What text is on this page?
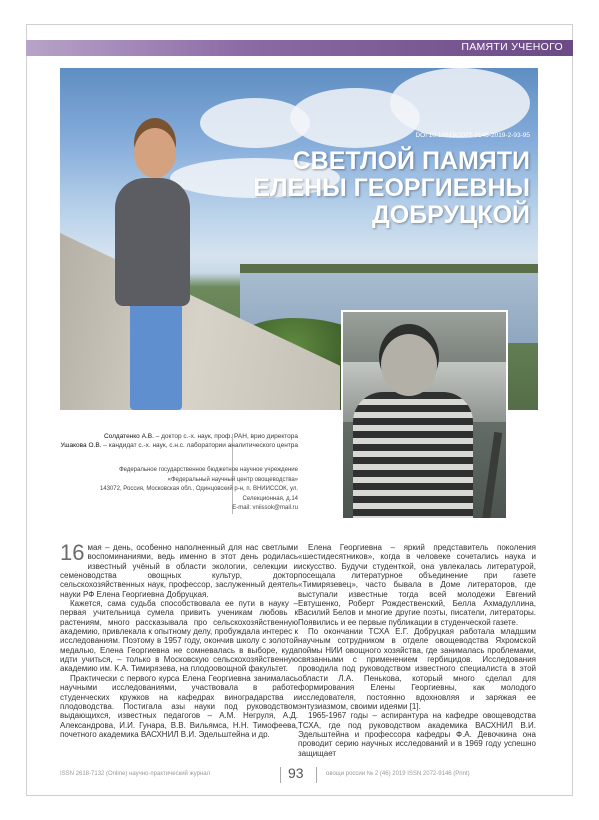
ПАМЯТИ УЧЕНОГО
DOI 10.18619/2072-9146-2019-2-93-95
СВЕТЛОЙ ПАМЯТИ
ЕЛЕНЫ ГЕОРГИЕВНЫ
ДОБРУЦКОЙ
Солдатенко А.В. – доктор с.-х. наук, проф. РАН, врио директора
Ушакова О.В. – кандидат с.-х. наук, с.н.с. лаборатории аналитического центра
Федеральное государственное бюджетное научное учреждение
«Федеральный научный центр овощеводства»
143072, Россия, Московская обл., Одинцовский р-н, п. ВНИИССОК, ул.
Селекционная, д.14
E-mail: vniissok@mail.ru

16 мая – день, особенно наполненный для нас светлыми воспоминаниями, ведь именно в этот день родилась известный учёный в области экологии, селекции и семеноводства овощных культур, доктор сельскохозяйственных наук, профессор, заслуженный деятель науки РФ Елена Георгиевна Добруцкая.

Кажется, сама судьба способствовала ее пути в науку – первая учительница сумела привить ученикам любовь к растениям, много рассказывала про сельскохозяйственную академию, привлекала к опытному делу, пробуждала интерес к исследованиям. Поэтому в 1957 году, окончив школу с золотой медалью, Елена Георгиевна не сомневалась в выборе, куда идти учиться, – только в Московскую сельскохозяйственную академию им. К.А. Тимирязева, на плодоовощной факультет.

Практически с первого курса Елена Георгиевна занималась научными исследованиями, участвовала в работе студенческих кружков на кафедрах виноградарства и плодоводства. Постигала азы науки под руководством выдающихся, известных педагогов – А.М. Негруля, А.Д. Александрова, И.И. Гунара, В.В. Вильямса, Н.Н. Тимофеева, почетного академика ВАСХНИЛ В.И. Эдельштейна и др.

Елена Георгиевна – яркий представитель поколения «шестидесятников», когда в человеке сочетались наука и искусство. Будучи студенткой, она увлекалась литературой, посещала литературное объединение при газете «Тимирязевец», часто бывала в Доме литераторов, где выступали известные тогда всей молодежи Евгений Евтушенко, Роберт Рождественский, Белла Ахмадуллина, Василий Белов и многие другие поэты, писатели, литераторы. Появились и ее первые публикации в студенческой газете.

По окончании ТСХА Е.Г. Добруцкая работала младшим научным сотрудником в отделе овощеводства Яхромской поймы НИИ овощного хозяйства, где занималась проблемами, связанными с применением гербицидов. Исследования проводила под руководством известного специалиста в этой области Л.А. Пеньковa, который много сделал для формирования Елены Георгиевны, как молодого исследователя, постоянно вдохновляя и заряжая ее энтузиазмом, своими идеями [1].

1965-1967 годы – аспирантура на кафедре овощеводства ТСХА, где под руководством академика ВАСХНИЛ В.И. Эдельштейна и профессора кафедры Ф.А. Девочкина она проводит серию научных исследований и в 1969 году успешно защищает

ISSN 2618-7132 (Online) научно-практический журнал	93	овощи россии № 2 (46) 2019 ISSN 2072-9146 (Print)
